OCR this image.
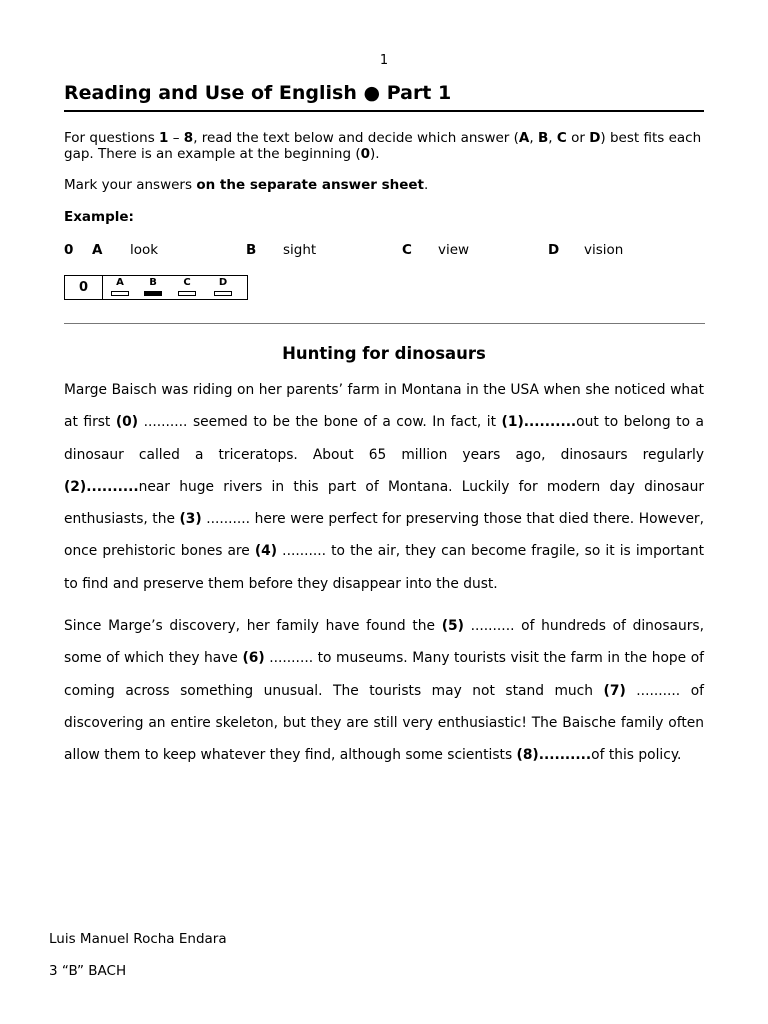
1
Reading and Use of English ● Part 1

For questions 1 – 8, read the text below and decide which answer (A, B, C or D) best fits each gap. There is an example at the beginning (0).

Mark your answers on the separate answer sheet.

Example:
0 A look	B sight	C view	D vision
0	A	B	C	D
Hunting for dinosaurs

Marge Baisch was riding on her parents’ farm in Montana in the USA when she noticed what at first (0) .......... seemed to be the bone of a cow. In fact, it (1)..........out to belong to a dinosaur called a triceratops. About 65 million years ago, dinosaurs regularly (2)..........near huge rivers in this part of Montana. Luckily for modern day dinosaur enthusiasts, the (3) .......... here were perfect for preserving those that died there. However, once prehistoric bones are (4) .......... to the air, they can become fragile, so it is important to find and preserve them before they disappear into the dust.

Since Marge’s discovery, her family have found the (5) .......... of hundreds of dinosaurs, some of which they have (6) .......... to museums. Many tourists visit the farm in the hope of coming across something unusual. The tourists may not stand much (7) .......... of discovering an entire skeleton, but they are still very enthusiastic! The Baische family often allow them to keep whatever they find, although some scientists (8)..........of this policy.

Luis Manuel Rocha Endara
3 “B” BACH
